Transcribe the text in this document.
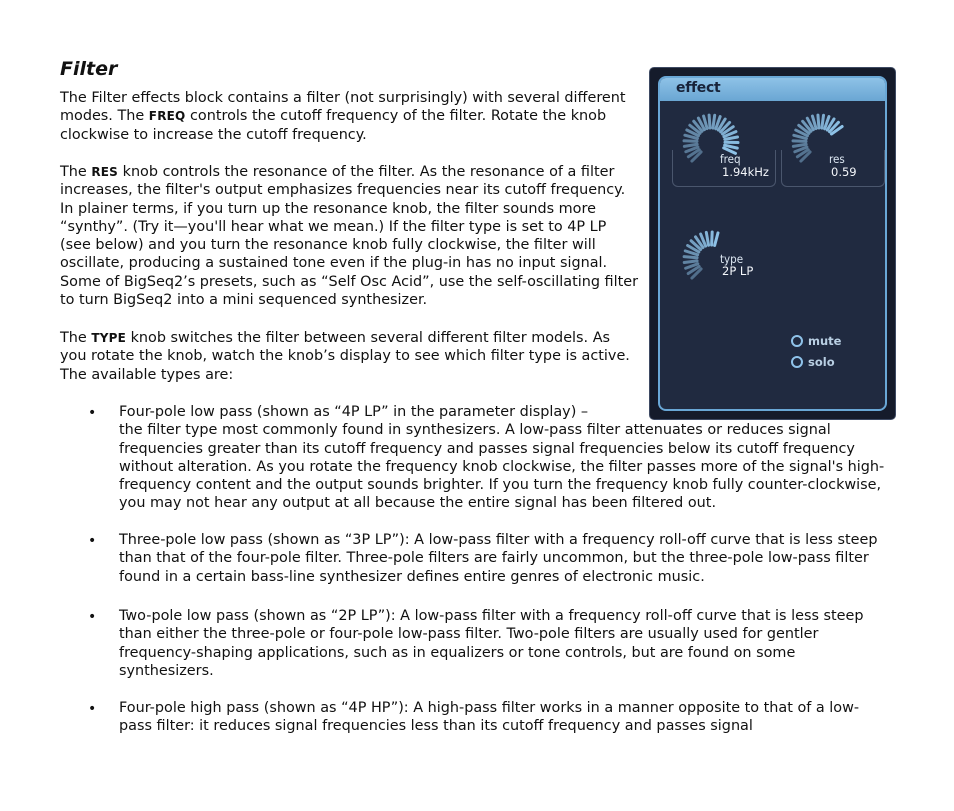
Filter

The Filter effects block contains a filter (not surprisingly) with several different modes. The FREQ controls the cutoff frequency of the filter. Rotate the knob clockwise to increase the cutoff frequency.

The RES knob controls the resonance of the filter. As the resonance of a filter increases, the filter's output emphasizes frequencies near its cutoff frequency. In plainer terms, if you turn up the resonance knob, the filter sounds more “synthy”. (Try it—you'll hear what we mean.) If the filter type is set to 4P LP (see below) and you turn the resonance knob fully clockwise, the filter will oscillate, producing a sustained tone even if the plug-in has no input signal. Some of BigSeq2’s presets, such as “Self Osc Acid”, use the self-oscillating filter to turn BigSeq2 into a mini sequenced synthesizer.

The TYPE knob switches the filter between several different filter models. As you rotate the knob, watch the knob’s display to see which filter type is active. The available types are:

• Four-pole low pass (shown as “4P LP” in the parameter display) –
the filter type most commonly found in synthesizers. A low-pass filter attenuates or reduces signal frequencies greater than its cutoff frequency and passes signal frequencies below its cutoff frequency without alteration. As you rotate the frequency knob clockwise, the filter passes more of the signal's high-frequency content and the output sounds brighter. If you turn the frequency knob fully counter-clockwise, you may not hear any output at all because the entire signal has been filtered out.

• Three-pole low pass (shown as “3P LP”): A low-pass filter with a frequency roll-off curve that is less steep than that of the four-pole filter. Three-pole filters are fairly uncommon, but the three-pole low-pass filter found in a certain bass-line synthesizer defines entire genres of electronic music.

• Two-pole low pass (shown as “2P LP”): A low-pass filter with a frequency roll-off curve that is less steep than either the three-pole or four-pole low-pass filter. Two-pole filters are usually used for gentler frequency-shaping applications, such as in equalizers or tone controls, but are found on some synthesizers.

• Four-pole high pass (shown as “4P HP”): A high-pass filter works in a manner opposite to that of a low-pass filter: it reduces signal frequencies less than its cutoff frequency and passes signal

effect

freq

1.94kHz

res

0.59

type

2P LP

mute
solo
